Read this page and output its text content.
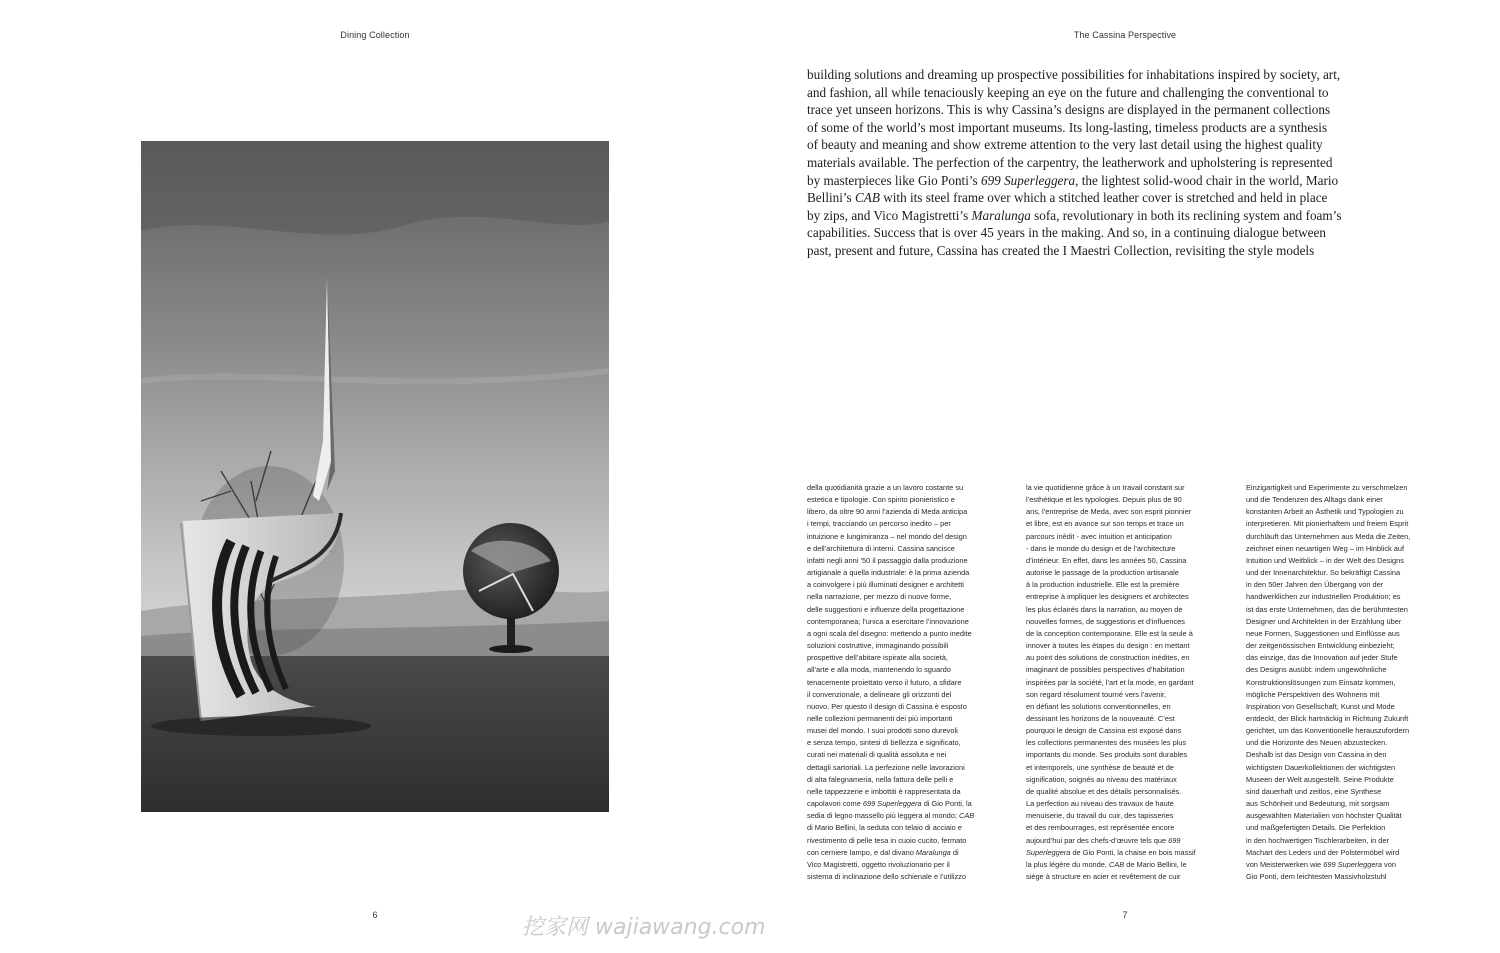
Dining Collection
6
The Cassina Perspective

building solutions and dreaming up prospective possibilities for inhabitations inspired by society, art,
and fashion, all while tenaciously keeping an eye on the future and challenging the conventional to
trace yet unseen horizons. This is why Cassina’s designs are displayed in the permanent collections
of some of the world’s most important museums. Its long-lasting, timeless products are a synthesis
of beauty and meaning and show extreme attention to the very last detail using the highest quality
materials available. The perfection of the carpentry, the leatherwork and upholstering is represented
by masterpieces like Gio Ponti’s 699 Superleggera, the lightest solid-wood chair in the world, Mario
Bellini’s CAB with its steel frame over which a stitched leather cover is stretched and held in place
by zips, and Vico Magistretti’s Maralunga sofa, revolutionary in both its reclining system and foam’s
capabilities. Success that is over 45 years in the making. And so, in a continuing dialogue between
past, present and future, Cassina has created the I Maestri Collection, revisiting the style models

della quotidianità grazie a un lavoro costante su
estetica e tipologie. Con spirito pionieristico e
libero, da oltre 90 anni l’azienda di Meda anticipa
i tempi, tracciando un percorso inedito – per
intuizione e lungimiranza – nel mondo del design
e dell’architettura di interni. Cassina sancisce
infatti negli anni ’50 il passaggio dalla produzione
artigianale a quella industriale: è la prima azienda
a coinvolgere i più illuminati designer e architetti
nella narrazione, per mezzo di nuove forme,
delle suggestioni e influenze della progettazione
contemporanea; l’unica a esercitare l’innovazione
a ogni scala del disegno: mettendo a punto inedite
soluzioni costruttive, immaginando possibili
prospettive dell’abitare ispirate alla società,
all’arte e alla moda, mantenendo lo sguardo
tenacemente proiettato verso il futuro, a sfidare
il convenzionale, a delineare gli orizzonti del
nuovo. Per questo il design di Cassina è esposto
nelle collezioni permanenti dei più importanti
musei del mondo. I suoi prodotti sono durevoli
e senza tempo, sintesi di bellezza e significato,
curati nei materiali di qualità assoluta e nei
dettagli sartoriali. La perfezione nelle lavorazioni
di alta falegnameria, nella fattura delle pelli e
nelle tappezzerie e imbottiti è rappresentata da
capolavori come 699 Superleggera di Gio Ponti, la
sedia di legno massello più leggera al mondo; CAB
di Mario Bellini, la seduta con telaio di acciaio e
rivestimento di pelle tesa in cuoio cucito, fermato
con cerniere lampo, e dal divano Maralunga di
Vico Magistretti, oggetto rivoluzionario per il
sistema di inclinazione dello schienale e l’utilizzo

la vie quotidienne grâce à un travail constant sur
l’esthétique et les typologies. Depuis plus de 90
ans, l’entreprise de Meda, avec son esprit pionnier
et libre, est en avance sur son temps et trace un
parcours inédit - avec intuition et anticipation
- dans le monde du design et de l’architecture
d’intérieur. En effet, dans les années 50, Cassina
autorise le passage de la production artisanale
à la production industrielle. Elle est la première
entreprise à impliquer les designers et architectes
les plus éclairés dans la narration, au moyen de
nouvelles formes, de suggestions et d’influences
de la conception contemporaine. Elle est la seule à
innover à toutes les étapes du design : en mettant
au point des solutions de construction inédites, en
imaginant de possibles perspectives d’habitation
inspirées par la société, l’art et la mode, en gardant
son regard résolument tourné vers l’avenir,
en défiant les solutions conventionnelles, en
dessinant les horizons de la nouveauté. C’est
pourquoi le design de Cassina est exposé dans
les collections permanentes des musées les plus
importants du monde. Ses produits sont durables
et intemporels, une synthèse de beauté et de
signification, soignés au niveau des matériaux
de qualité absolue et des détails personnalisés.
La perfection au niveau des travaux de haute
menuiserie, du travail du cuir, des tapisseries
et des rembourrages, est représentée encore
aujourd’hui par des chefs-d’œuvre tels que 699
Superleggera de Gio Ponti, la chaise en bois massif
la plus légère du monde, CAB de Mario Bellini, le
siège à structure en acier et revêtement de cuir

Einzigartigkeit und Experimente zu verschmelzen
und die Tendenzen des Alltags dank einer
konstanten Arbeit an Ästhetik und Typologien zu
interpretieren. Mit pionierhaftem und freiem Esprit
durchläuft das Unternehmen aus Meda die Zeiten,
zeichnet einen neuartigen Weg – im Hinblick auf
Intuition und Weitblick – in der Welt des Designs
und der Innenarchitektur. So bekräftigt Cassina
in den 50er Jahren den Übergang von der
handwerklichen zur industriellen Produktion; es
ist das erste Unternehmen, das die berühmtesten
Designer und Architekten in der Erzählung über
neue Formen, Suggestionen und Einflüsse aus
der zeitgenössischen Entwicklung einbezieht;
das einzige, das die Innovation auf jeder Stufe
des Designs ausübt: indem ungewöhnliche
Konstruktionslösungen zum Einsatz kommen,
mögliche Perspektiven des Wohnens mit
Inspiration von Gesellschaft, Kunst und Mode
entdeckt, der Blick hartnäckig in Richtung Zukunft
gerichtet, um das Konventionelle herauszufordern
und die Horizonte des Neuen abzustecken.
Deshalb ist das Design von Cassina in den
wichtigsten Dauerkollektionen der wichtigsten
Museen der Welt ausgestellt. Seine Produkte
sind dauerhaft und zeitlos, eine Synthese
aus Schönheit und Bedeutung, mit sorgsam
ausgewählten Materialien von höchster Qualität
und maßgefertigten Details. Die Perfektion
in den hochwertigen Tischlerarbeiten, in der
Machart des Leders und der Polstermöbel wird
von Meisterwerken wie 699 Superleggera von
Gio Ponti, dem leichtesten Massivholzstuhl

7
挖家网 wajiawang.com
